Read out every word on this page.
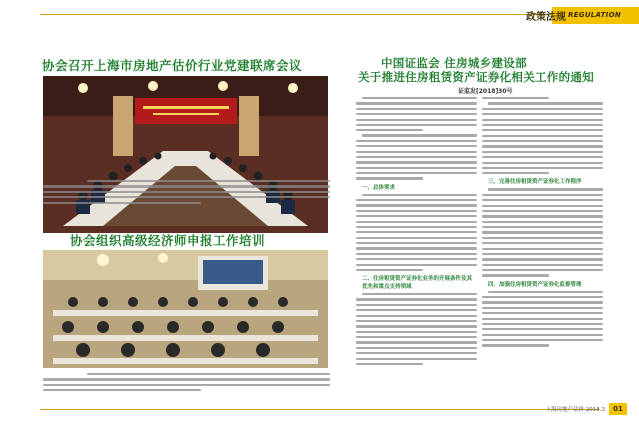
政策法规 REGULATION
协会召开上海市房地产估价行业党建联席会议
协会组织高级经济师申报工作培训
中国证监会 住房城乡建设部
关于推进住房租赁资产证券化相关工作的通知
证监发[2018]30号
一、总体要求
二、住房租赁资产证券化业务的开展条件及其优先和重点支持领域
三、完善住房租赁资产证券化工作程序
四、加强住房租赁资产证券化监督管理
上海房地产估价 2018.3	01
